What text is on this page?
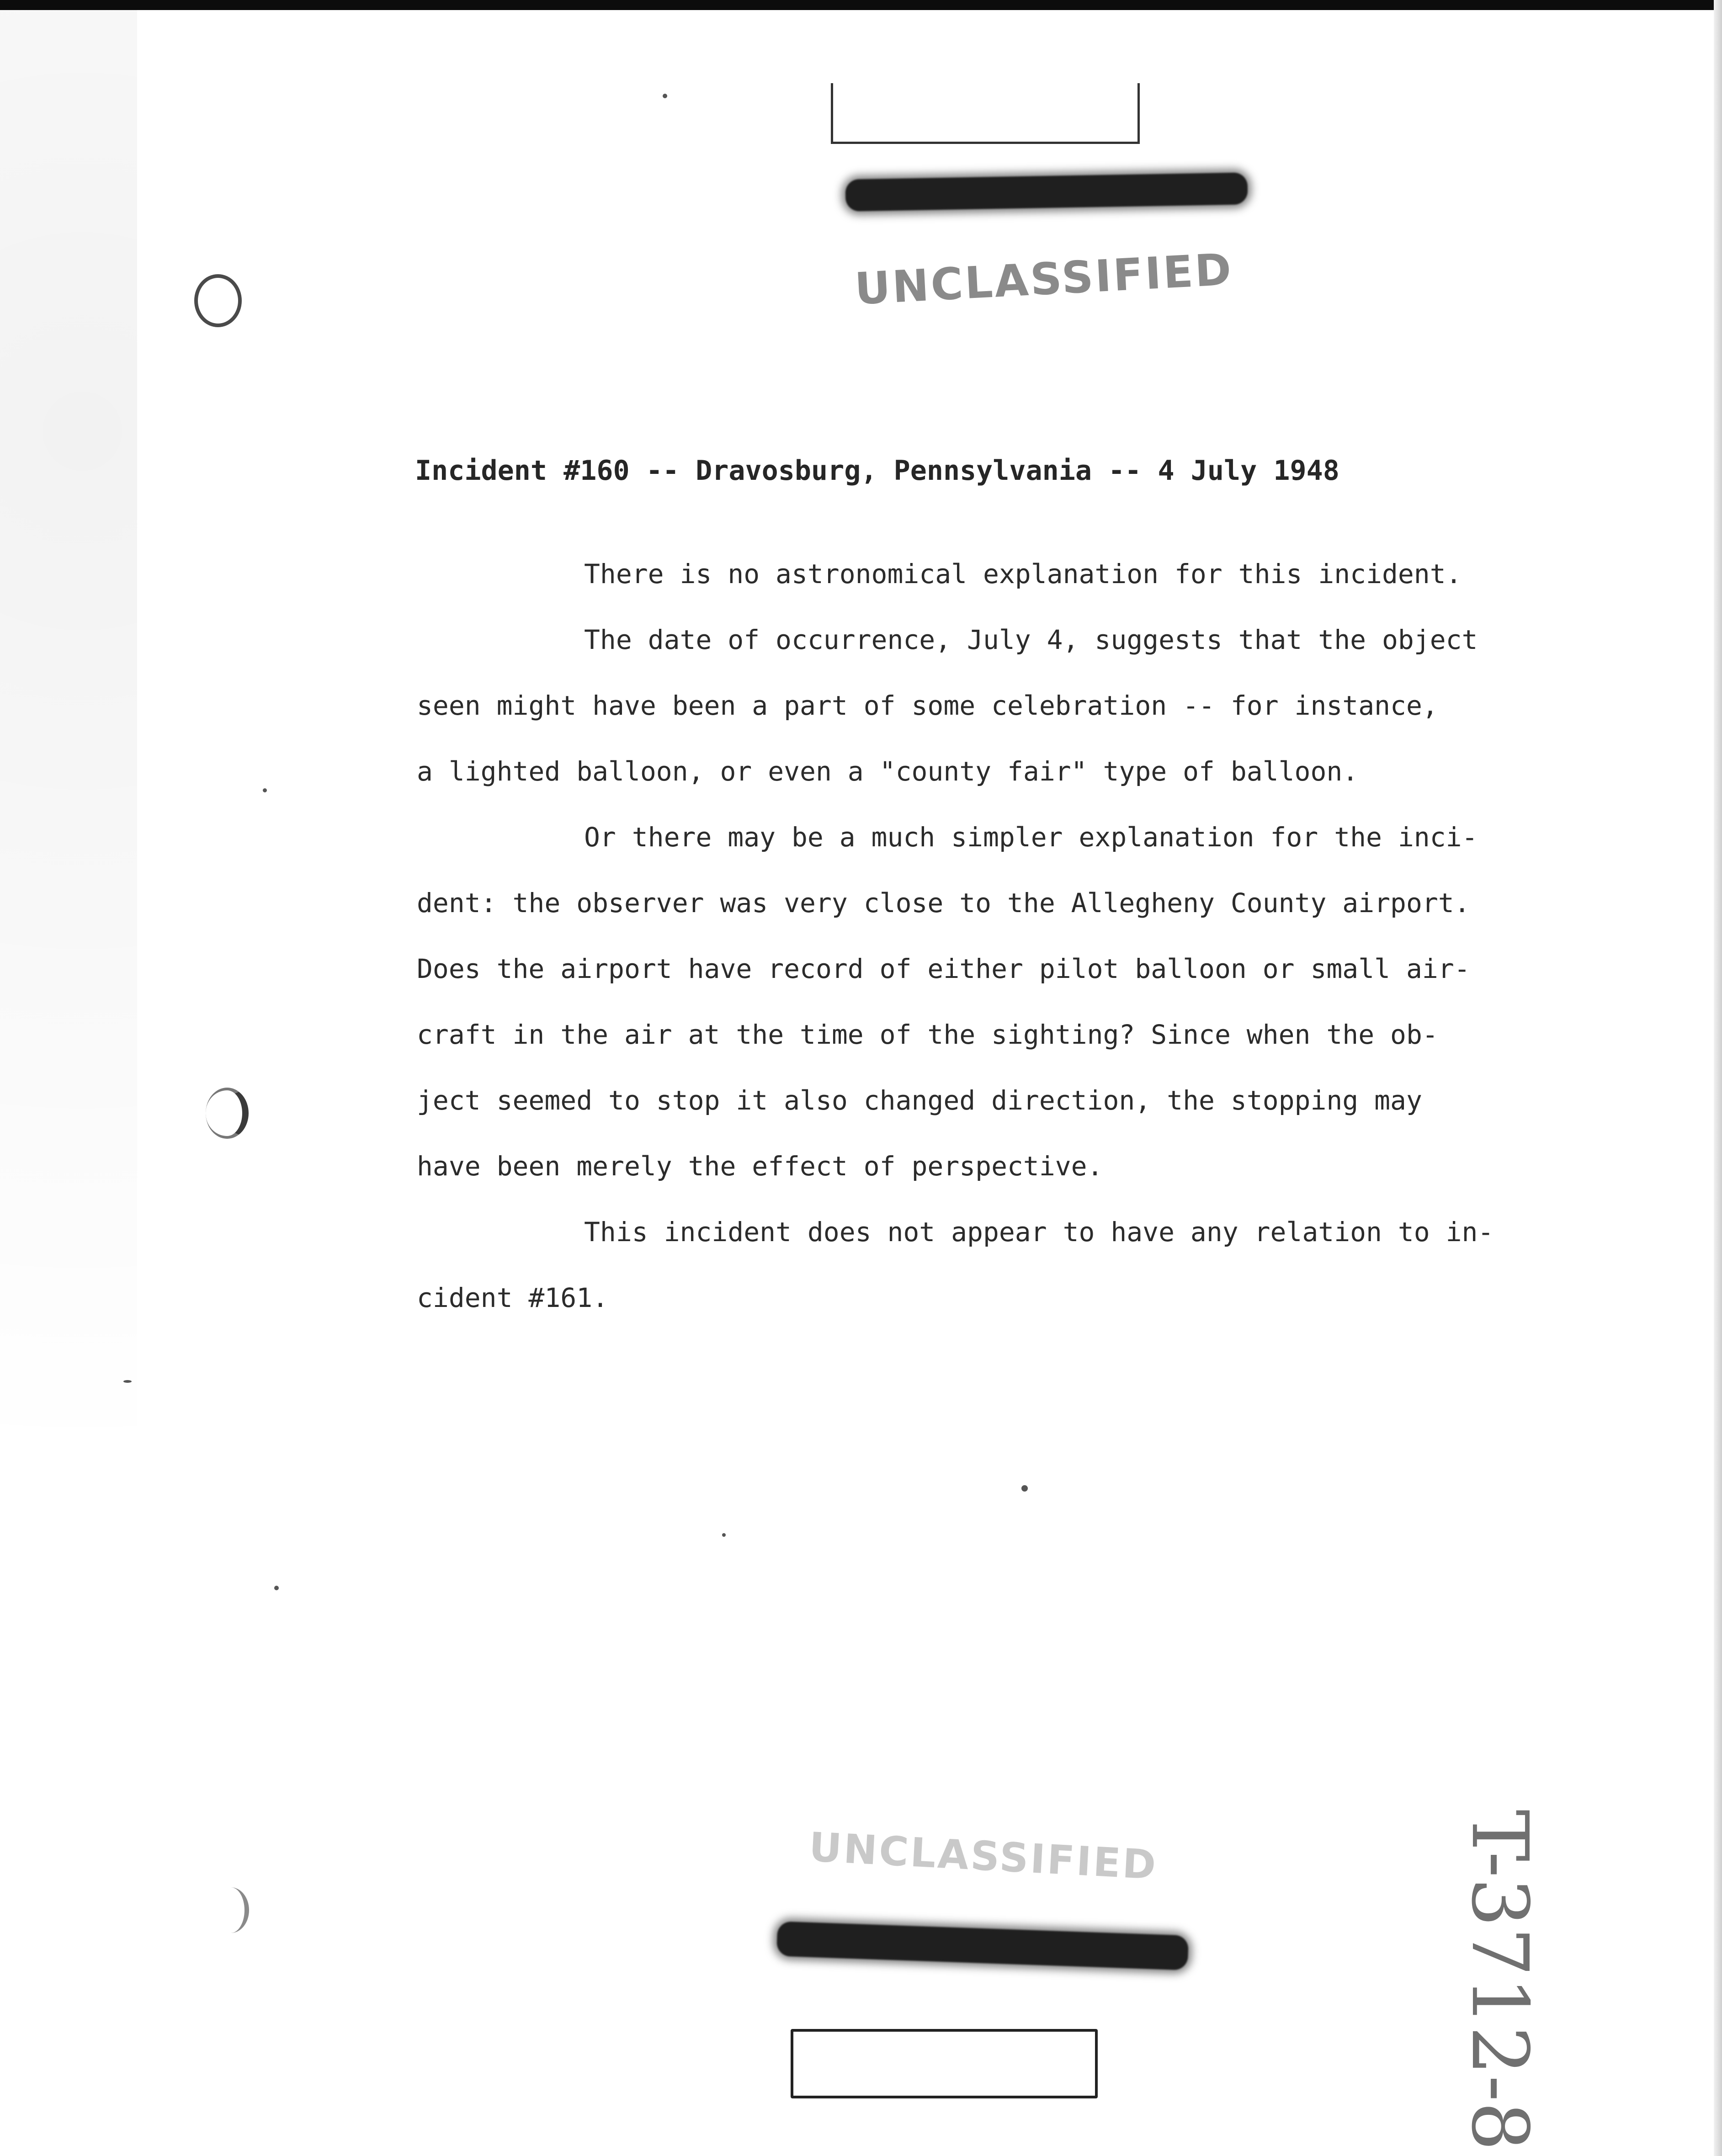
UNCLASSIFIED
Incident #160 -- Dravosburg, Pennsylvania -- 4 July 1948
There is no astronomical explanation for this incident.
The date of occurrence, July 4, suggests that the object
seen might have been a part of some celebration -- for instance,
a lighted balloon, or even a "county fair" type of balloon.
Or there may be a much simpler explanation for the inci-
dent: the observer was very close to the Allegheny County airport.
Does the airport have record of either pilot balloon or small air-
craft in the air at the time of the sighting? Since when the ob-
ject seemed to stop it also changed direction, the stopping may
have been merely the effect of perspective.
This incident does not appear to have any relation to in-
cident #161.
UNCLASSIFIED	T-3712-8
